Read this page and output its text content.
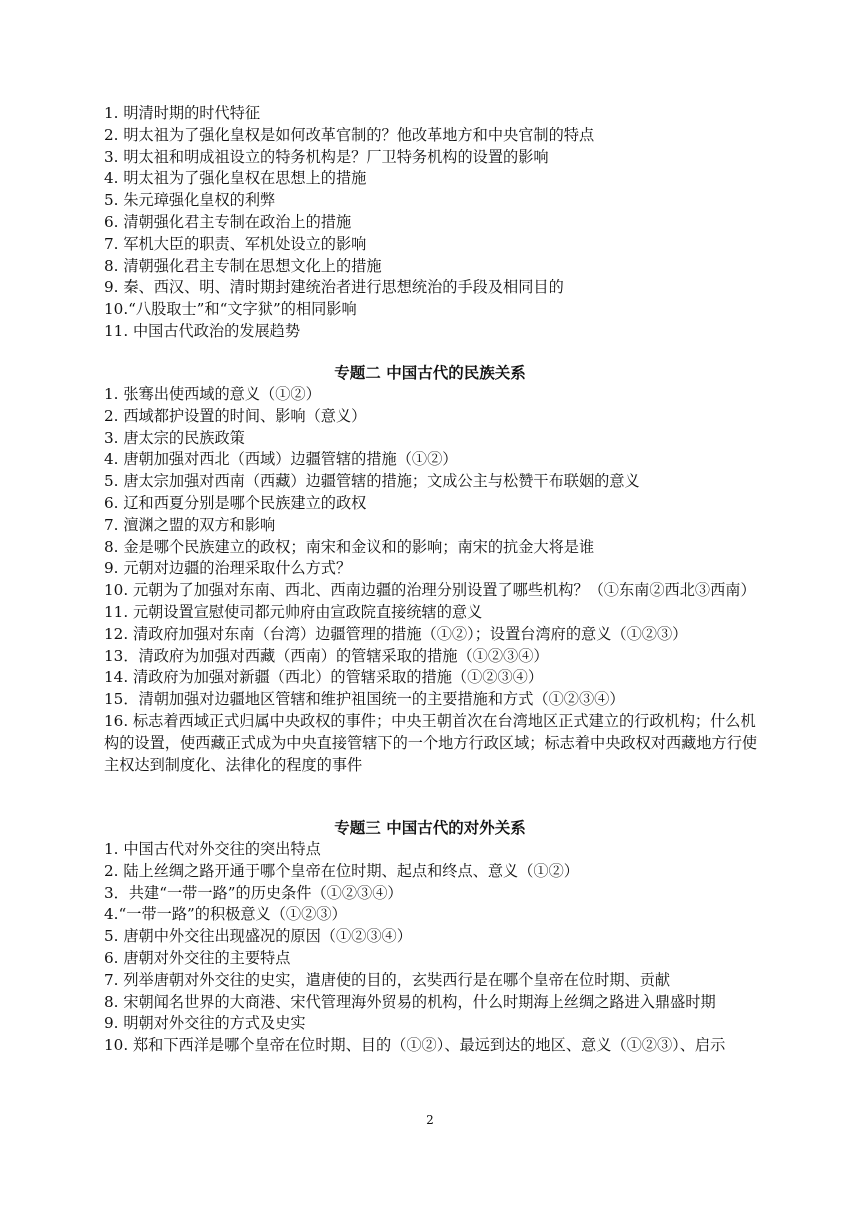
1. 明清时期的时代特征
2. 明太祖为了强化皇权是如何改革官制的？他改革地方和中央官制的特点
3. 明太祖和明成祖设立的特务机构是？厂卫特务机构的设置的影响
4. 明太祖为了强化皇权在思想上的措施
5. 朱元璋强化皇权的利弊
6. 清朝强化君主专制在政治上的措施
7. 军机大臣的职责、军机处设立的影响
8. 清朝强化君主专制在思想文化上的措施
9. 秦、西汉、明、清时期封建统治者进行思想统治的手段及相同目的
10.“八股取士”和“文字狱”的相同影响
11. 中国古代政治的发展趋势
专题二 中国古代的民族关系
1. 张骞出使西域的意义（①②）
2. 西域都护设置的时间、影响（意义）
3. 唐太宗的民族政策
4. 唐朝加强对西北（西域）边疆管辖的措施（①②）
5. 唐太宗加强对西南（西藏）边疆管辖的措施；文成公主与松赞干布联姻的意义
6. 辽和西夏分别是哪个民族建立的政权
7. 澶渊之盟的双方和影响
8. 金是哪个民族建立的政权；南宋和金议和的影响；南宋的抗金大将是谁
9. 元朝对边疆的治理采取什么方式？
10. 元朝为了加强对东南、西北、西南边疆的治理分别设置了哪些机构？（①东南②西北③西南）
11. 元朝设置宣慰使司都元帅府由宣政院直接统辖的意义
12. 清政府加强对东南（台湾）边疆管理的措施（①②）；设置台湾府的意义（①②③）
13．清政府为加强对西藏（西南）的管辖采取的措施（①②③④）
14. 清政府为加强对新疆（西北）的管辖采取的措施（①②③④）
15．清朝加强对边疆地区管辖和维护祖国统一的主要措施和方式（①②③④）
16. 标志着西域正式归属中央政权的事件；中央王朝首次在台湾地区正式建立的行政机构；什么机构的设置，使西藏正式成为中央直接管辖下的一个地方行政区域；标志着中央政权对西藏地方行使主权达到制度化、法律化的程度的事件
专题三 中国古代的对外关系
1. 中国古代对外交往的突出特点
2. 陆上丝绸之路开通于哪个皇帝在位时期、起点和终点、意义（①②）
3．共建“一带一路”的历史条件（①②③④）
4.“一带一路”的积极意义（①②③）
5. 唐朝中外交往出现盛况的原因（①②③④）
6. 唐朝对外交往的主要特点
7. 列举唐朝对外交往的史实，遣唐使的目的，玄奘西行是在哪个皇帝在位时期、贡献
8. 宋朝闻名世界的大商港、宋代管理海外贸易的机构，什么时期海上丝绸之路进入鼎盛时期
9. 明朝对外交往的方式及史实
10. 郑和下西洋是哪个皇帝在位时期、目的（①②）、最远到达的地区、意义（①②③）、启示
2
